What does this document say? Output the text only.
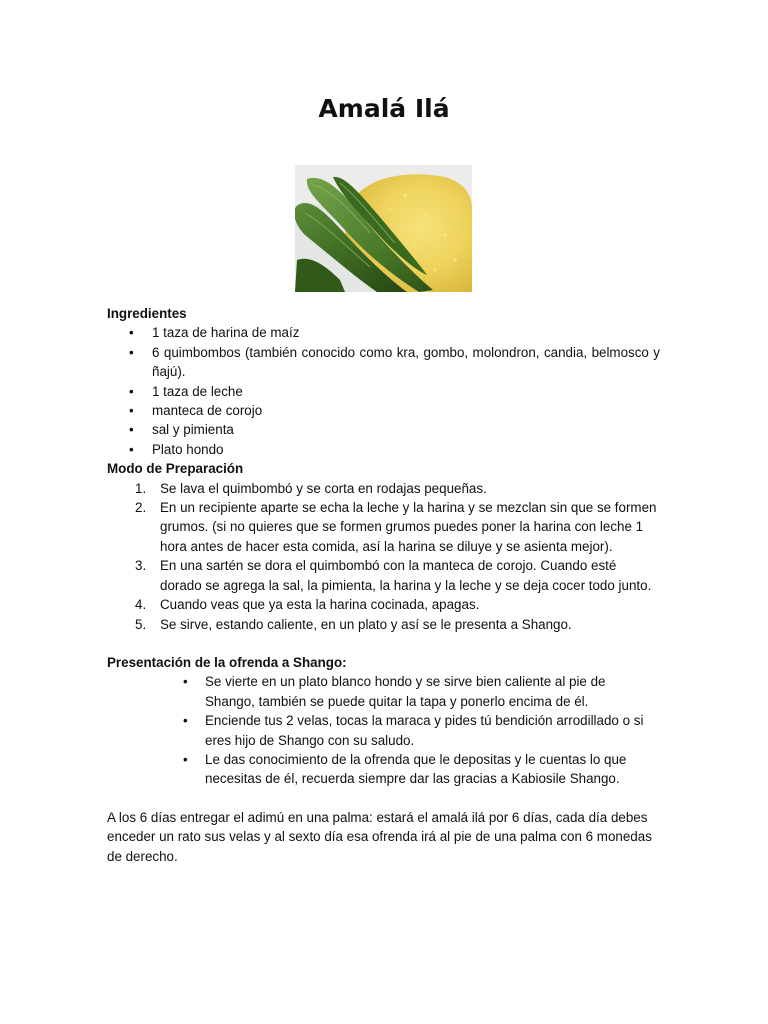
Amalá Ilá

Ingredientes

• 1 taza de harina de maíz
• 6 quimbombos (también conocido como kra, gombo, molondron, candia, belmosco y ñajú).
• 1 taza de leche
• manteca de corojo
• sal y pimienta
• Plato hondo

Modo de Preparación

1. Se lava el quimbombó y se corta en rodajas pequeñas.
2. En un recipiente aparte se echa la leche y la harina y se mezclan sin que se formen grumos. (si no quieres que se formen grumos puedes poner la harina con leche 1 hora antes de hacer esta comida, así la harina se diluye y se asienta mejor).
3. En una sartén se dora el quimbombó con la manteca de corojo. Cuando esté dorado se agrega la sal, la pimienta, la harina y la leche y se deja cocer todo junto.
4. Cuando veas que ya esta la harina cocinada, apagas.
5. Se sirve, estando caliente, en un plato y así se le presenta a Shango.

Presentación de la ofrenda a Shango:

• Se vierte en un plato blanco hondo y se sirve bien caliente al pie de Shango, también se puede quitar la tapa y ponerlo encima de él.
• Enciende tus 2 velas, tocas la maraca y pides tú bendición arrodillado o si eres hijo de Shango con su saludo.
• Le das conocimiento de la ofrenda que le depositas y le cuentas lo que necesitas de él, recuerda siempre dar las gracias a Kabiosile Shango.

A los 6 días entregar el adimú en una palma: estará el amalá ilá por 6 días, cada día debes enceder un rato sus velas y al sexto día esa ofrenda irá al pie de una palma con 6 monedas de derecho.
